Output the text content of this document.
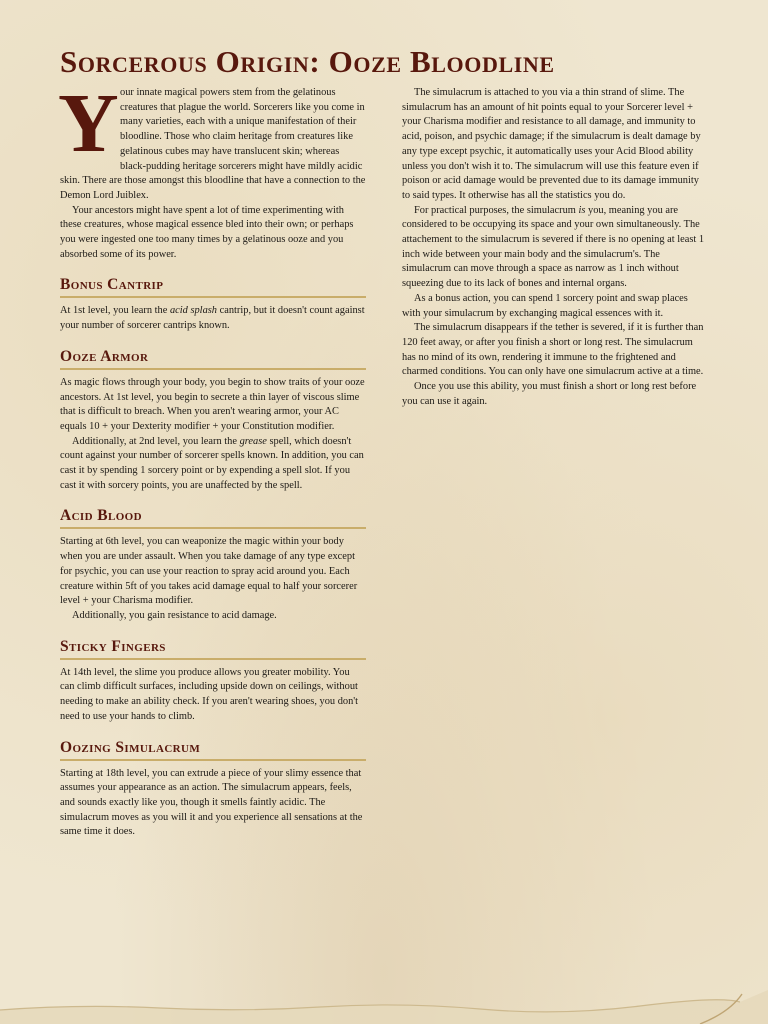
Sorcerous Origin: Ooze Bloodline
Y our innate magical powers stem from the gelatinous creatures that plague the world. Sorcerers like you come in many varieties, each with a unique manifestation of their bloodline. Those who claim heritage from creatures like gelatinous cubes may have translucent skin; whereas black-pudding heritage sorcerers might have mildly acidic skin. There are those amongst this bloodline that have a connection to the Demon Lord Juiblex.

Your ancestors might have spent a lot of time experimenting with these creatures, whose magical essence bled into their own; or perhaps you were ingested one too many times by a gelatinous ooze and you absorbed some of its power.

Bonus Cantrip

At 1st level, you learn the acid splash cantrip, but it doesn't count against your number of sorcerer cantrips known.

Ooze Armor

As magic flows through your body, you begin to show traits of your ooze ancestors. At 1st level, you begin to secrete a thin layer of viscous slime that is difficult to breach. When you aren't wearing armor, your AC equals 10 + your Dexterity modifier + your Constitution modifier.

Additionally, at 2nd level, you learn the grease spell, which doesn't count against your number of sorcerer spells known. In addition, you can cast it by spending 1 sorcery point or by expending a spell slot. If you cast it with sorcery points, you are unaffected by the spell.

Acid Blood

Starting at 6th level, you can weaponize the magic within your body when you are under assault. When you take damage of any type except for psychic, you can use your reaction to spray acid around you. Each creature within 5ft of you takes acid damage equal to half your sorcerer level + your Charisma modifier.

Additionally, you gain resistance to acid damage.

Sticky Fingers

At 14th level, the slime you produce allows you greater mobility. You can climb difficult surfaces, including upside down on ceilings, without needing to make an ability check. If you aren't wearing shoes, you don't need to use your hands to climb.

Oozing Simulacrum

Starting at 18th level, you can extrude a piece of your slimy essence that assumes your appearance as an action. The simulacrum appears, feels, and sounds exactly like you, though it smells faintly acidic. The simulacrum moves as you will it and you experience all sensations at the same time it does.

The simulacrum is attached to you via a thin strand of slime. The simulacrum has an amount of hit points equal to your Sorcerer level + your Charisma modifier and resistance to all damage, and immunity to acid, poison, and psychic damage; if the simulacrum is dealt damage by any type except psychic, it automatically uses your Acid Blood ability unless you don't wish it to. The simulacrum will use this feature even if poison or acid damage would be prevented due to its damage immunity to said types. It otherwise has all the statistics you do.

For practical purposes, the simulacrum is you, meaning you are considered to be occupying its space and your own simultaneously. The attachement to the simulacrum is severed if there is no opening at least 1 inch wide between your main body and the simulacrum's. The simulacrum can move through a space as narrow as 1 inch without squeezing due to its lack of bones and internal organs.

As a bonus action, you can spend 1 sorcery point and swap places with your simulacrum by exchanging magical essences with it.

The simulacrum disappears if the tether is severed, if it is further than 120 feet away, or after you finish a short or long rest. The simulacrum has no mind of its own, rendering it immune to the frightened and charmed conditions. You can only have one simulacrum active at a time.

Once you use this ability, you must finish a short or long rest before you can use it again.
